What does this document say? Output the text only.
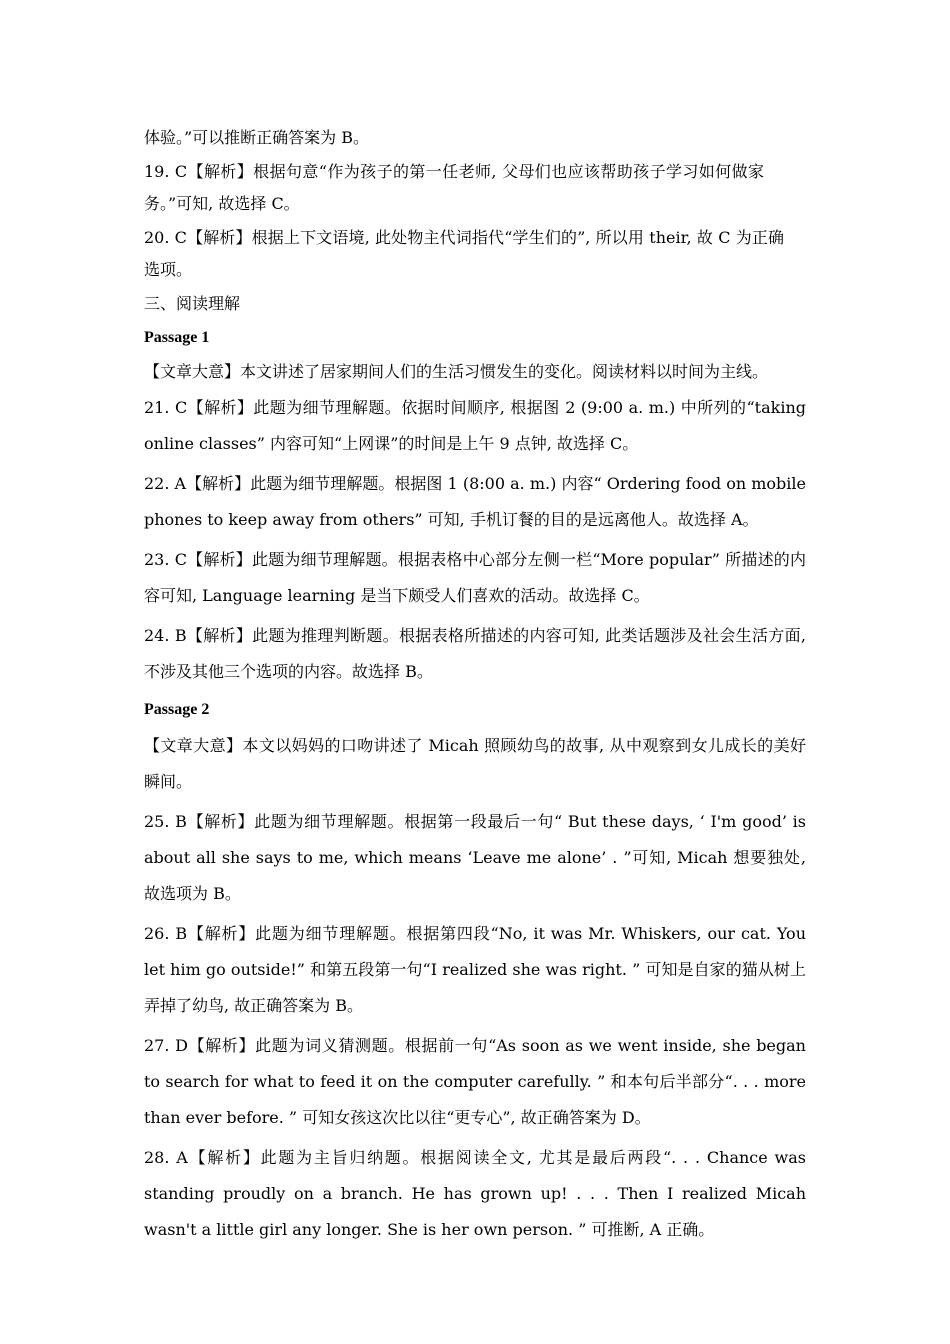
体验。”可以推断正确答案为 B。

19. C【解析】根据句意“作为孩子的第一任老师, 父母们也应该帮助孩子学习如何做家务。”可知, 故选择 C。

20. C【解析】根据上下文语境, 此处物主代词指代“学生们的”, 所以用 their, 故 C 为正确选项。

三、阅读理解

Passage 1

【文章大意】本文讲述了居家期间人们的生活习惯发生的变化。阅读材料以时间为主线。

21. C【解析】此题为细节理解题。依据时间顺序, 根据图 2 (9:00 a. m.) 中所列的“taking online classes” 内容可知“上网课”的时间是上午 9 点钟, 故选择 C。

22. A【解析】此题为细节理解题。根据图 1 (8:00 a. m.) 内容“ Ordering food on mobile phones to keep away from others” 可知, 手机订餐的目的是远离他人。故选择 A。

23. C【解析】此题为细节理解题。根据表格中心部分左侧一栏“More popular” 所描述的内容可知, Language learning 是当下颇受人们喜欢的活动。故选择 C。

24. B【解析】此题为推理判断题。根据表格所描述的内容可知, 此类话题涉及社会生活方面, 不涉及其他三个选项的内容。故选择 B。

Passage 2

【文章大意】本文以妈妈的口吻讲述了 Micah 照顾幼鸟的故事, 从中观察到女儿成长的美好瞬间。

25. B【解析】此题为细节理解题。根据第一段最后一句“ But these days, ‘ I'm good’ is about all she says to me, which means ‘Leave me alone’ . ”可知, Micah 想要独处, 故选项为 B。

26. B【解析】此题为细节理解题。根据第四段“No, it was Mr. Whiskers, our cat. You let him go outside!” 和第五段第一句“I realized she was right. ” 可知是自家的猫从树上弄掉了幼鸟, 故正确答案为 B。

27. D【解析】此题为词义猜测题。根据前一句“As soon as we went inside, she began to search for what to feed it on the computer carefully. ” 和本句后半部分“. . . more than ever before. ” 可知女孩这次比以往“更专心”, 故正确答案为 D。

28. A【解析】此题为主旨归纳题。根据阅读全文, 尤其是最后两段“. . . Chance was standing proudly on a branch. He has grown up! . . . Then I realized Micah wasn't a little girl any longer. She is her own person. ” 可推断, A 正确。
